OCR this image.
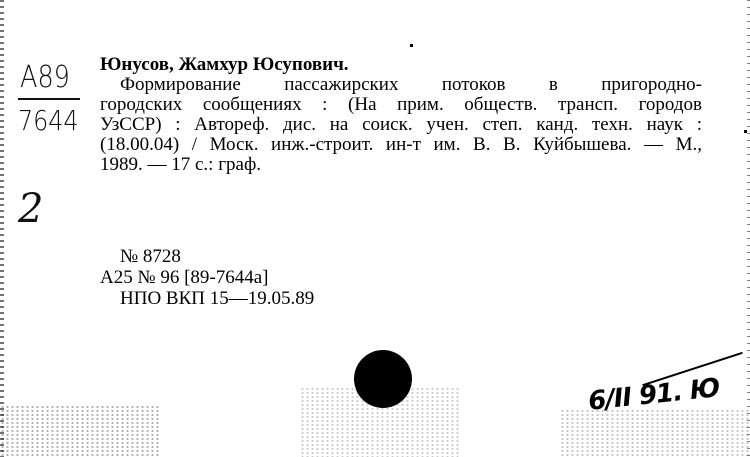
А89
7644
2
Юнусов, Жамхур Юсупович.
Формирование пассажирских потоков в пригородно-
городских сообщениях : (На прим. обществ. трансп. городов
УзССР) : Автореф. дис. на соиск. учен. степ. канд. техн. наук :
(18.00.04) / Моск. инж.-строит. ин-т им. В. В. Куйбышева. — М.,
1989. — 17 с.: граф.
№ 8728
А25 № 96 [89-7644а]
НПО ВКП 15—19.05.89
6/II 91. Ю
